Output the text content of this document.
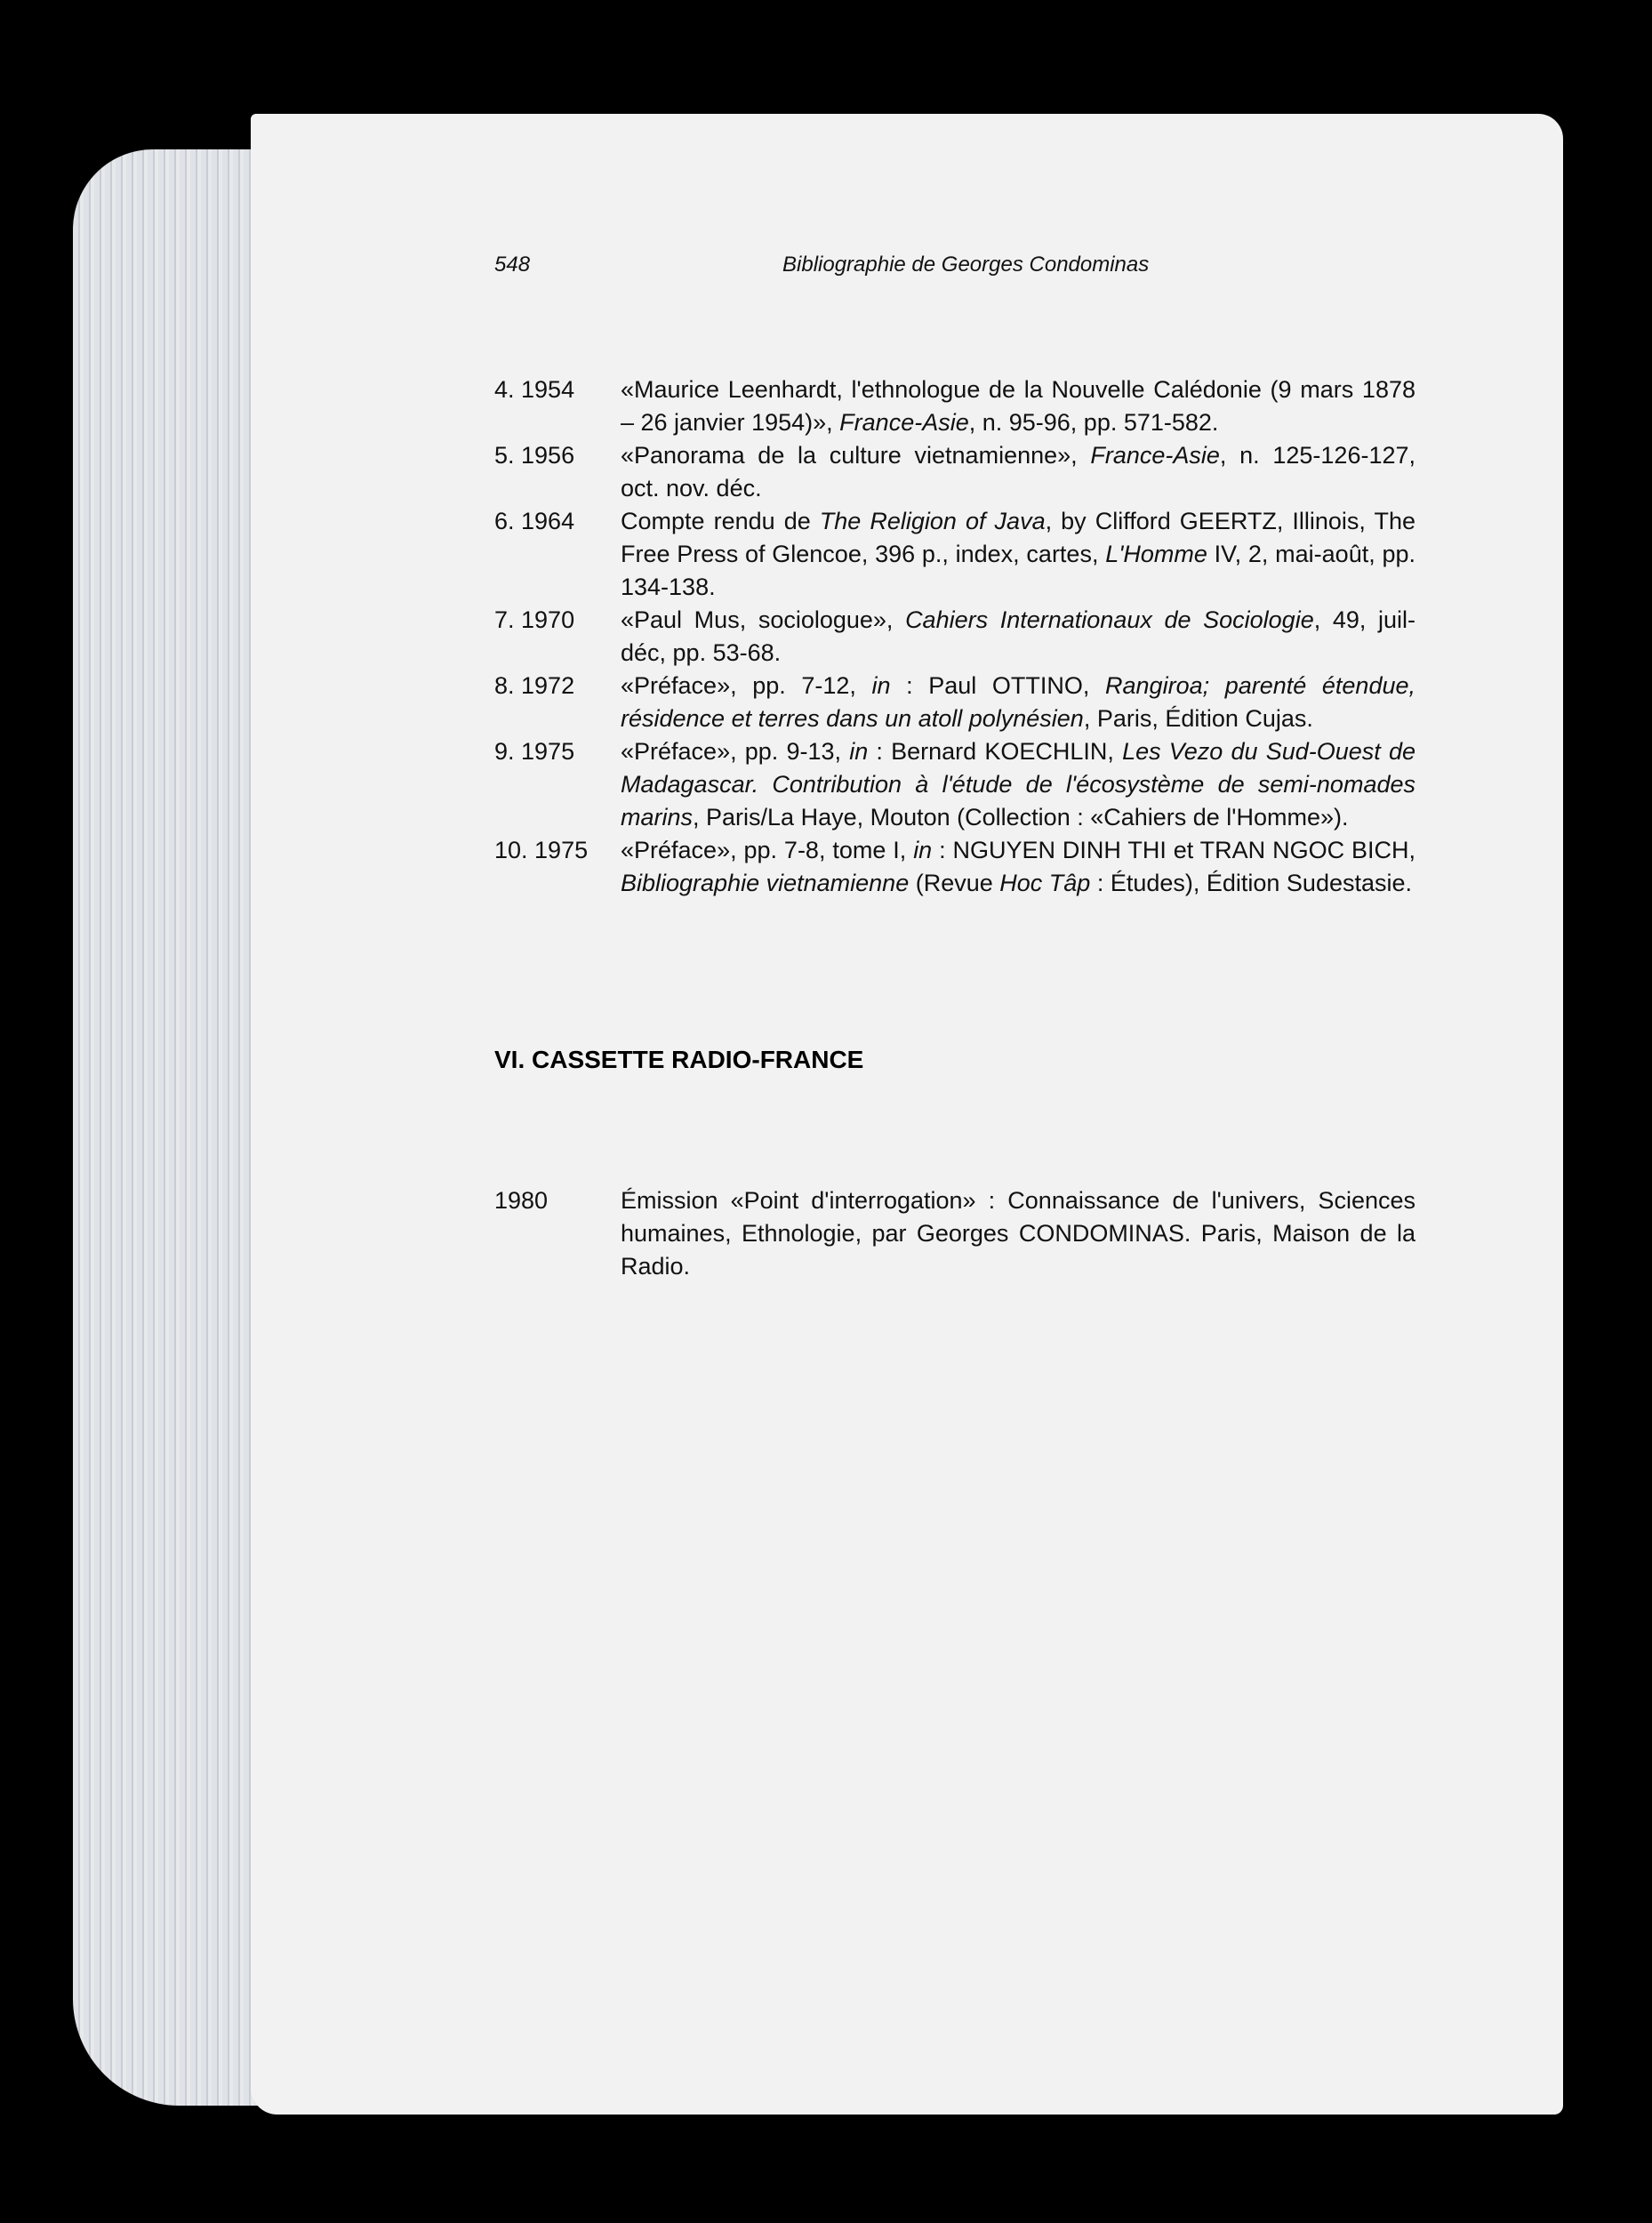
548	Bibliographie de Georges Condominas
4. 1954	«Maurice Leenhardt, l'ethnologue de la Nouvelle Calédonie (9 mars 1878 – 26 janvier 1954)», France-Asie, n. 95-96, pp. 571-582.
5. 1956	«Panorama de la culture vietnamienne», France-Asie, n. 125-126-127, oct. nov. déc.
6. 1964	Compte rendu de The Religion of Java, by Clifford GEERTZ, Illinois, The Free Press of Glencoe, 396 p., index, cartes, L'Homme IV, 2, mai-août, pp. 134-138.
7. 1970	«Paul Mus, sociologue», Cahiers Internationaux de Sociologie, 49, juil-déc, pp. 53-68.
8. 1972	«Préface», pp. 7-12, in : Paul OTTINO, Rangiroa; parenté étendue, résidence et terres dans un atoll polynésien, Paris, Édition Cujas.
9. 1975	«Préface», pp. 9-13, in : Bernard KOECHLIN, Les Vezo du Sud-Ouest de Madagascar. Contribution à l'étude de l'écosystème de semi-nomades marins, Paris/La Haye, Mouton (Collection : «Cahiers de l'Homme»).
10. 1975	«Préface», pp. 7-8, tome I, in : NGUYEN DINH THI et TRAN NGOC BICH, Bibliographie vietnamienne (Revue Hoc Tâp : Études), Édition Sudestasie.
VI. CASSETTE RADIO-FRANCE
1980	Émission «Point d'interrogation» : Connaissance de l'univers, Sciences humaines, Ethnologie, par Georges CONDOMINAS. Paris, Maison de la Radio.
